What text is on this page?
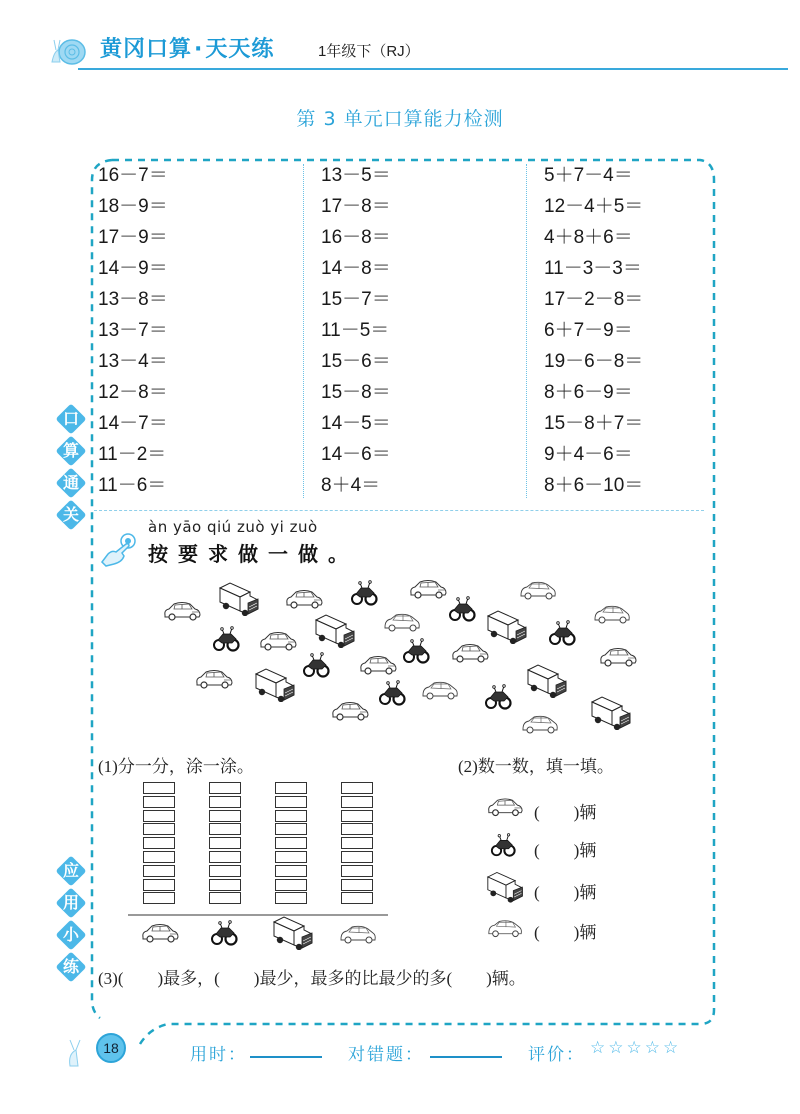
黄冈口算·天天练	1年级下（RJ）
第 3 单元口算能力检测
口
算
通
关
应
用
小
练
16－7＝
18－9＝
17－9＝
14－9＝
13－8＝
13－7＝
13－4＝
12－8＝
14－7＝
11－2＝
11－6＝
13－5＝
17－8＝
16－8＝
14－8＝
15－7＝
11－5＝
15－6＝
15－8＝
14－5＝
14－6＝
8＋4＝
5＋7－4＝
12－4＋5＝
4＋8＋6＝
11－3－3＝
17－2－8＝
6＋7－9＝
19－6－8＝
8＋6－9＝
15－8＋7＝
9＋4－6＝
8＋6－10＝
àn yāo qiú zuò yi zuò
按要求做一做。
(1)分一分，涂一涂。	(2)数一数，填一填。
(        )辆
(        )辆
(        )辆
(        )辆
(3)(        )最多，(        )最少，最多的比最少的多(        )辆。
18	用时：	对错题：	评价： ☆☆☆☆☆
